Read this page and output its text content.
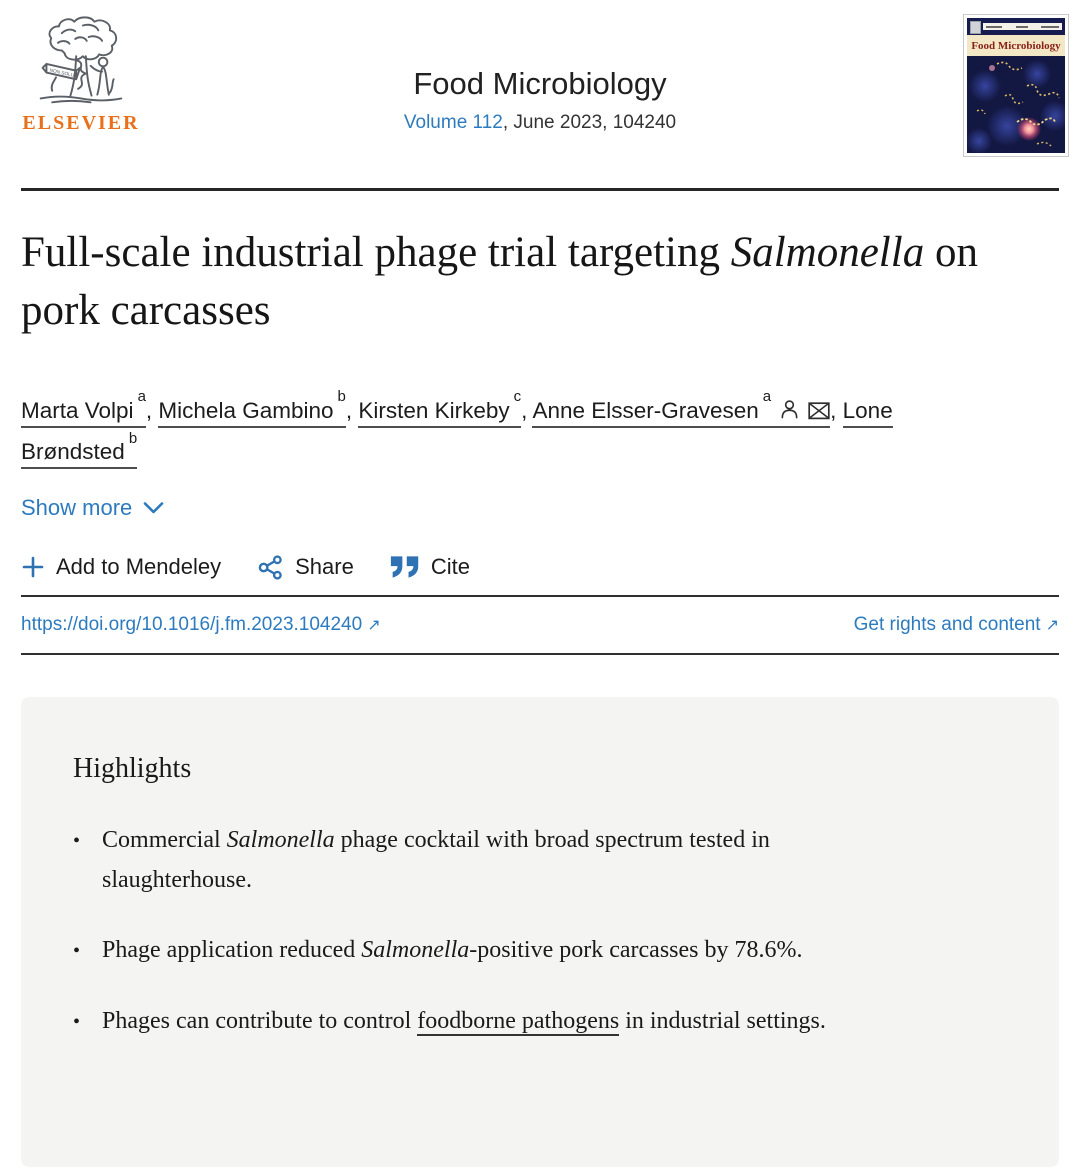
NON SOLUS
ELSEVIER
Food Microbiology
Volume 112, June 2023, 104240
Food Microbiology
Full-scale industrial phage trial targeting Salmonella on pork carcasses

Marta Volpi$^a$, Michela Gambino$^b$, Kirsten Kirkeby$^c$, Anne Elsser-Gravesen$^a$, Lone Brøndsted$^b$

Show more
Add to Mendeley	Share	Cite
https://doi.org/10.1016/j.fm.2023.104240 ↗	Get rights and content ↗
Highlights
• Commercial Salmonella phage cocktail with broad spectrum tested in slaughterhouse.
• Phage application reduced Salmonella-positive pork carcasses by 78.6%.
• Phages can contribute to control foodborne pathogens in industrial settings.
